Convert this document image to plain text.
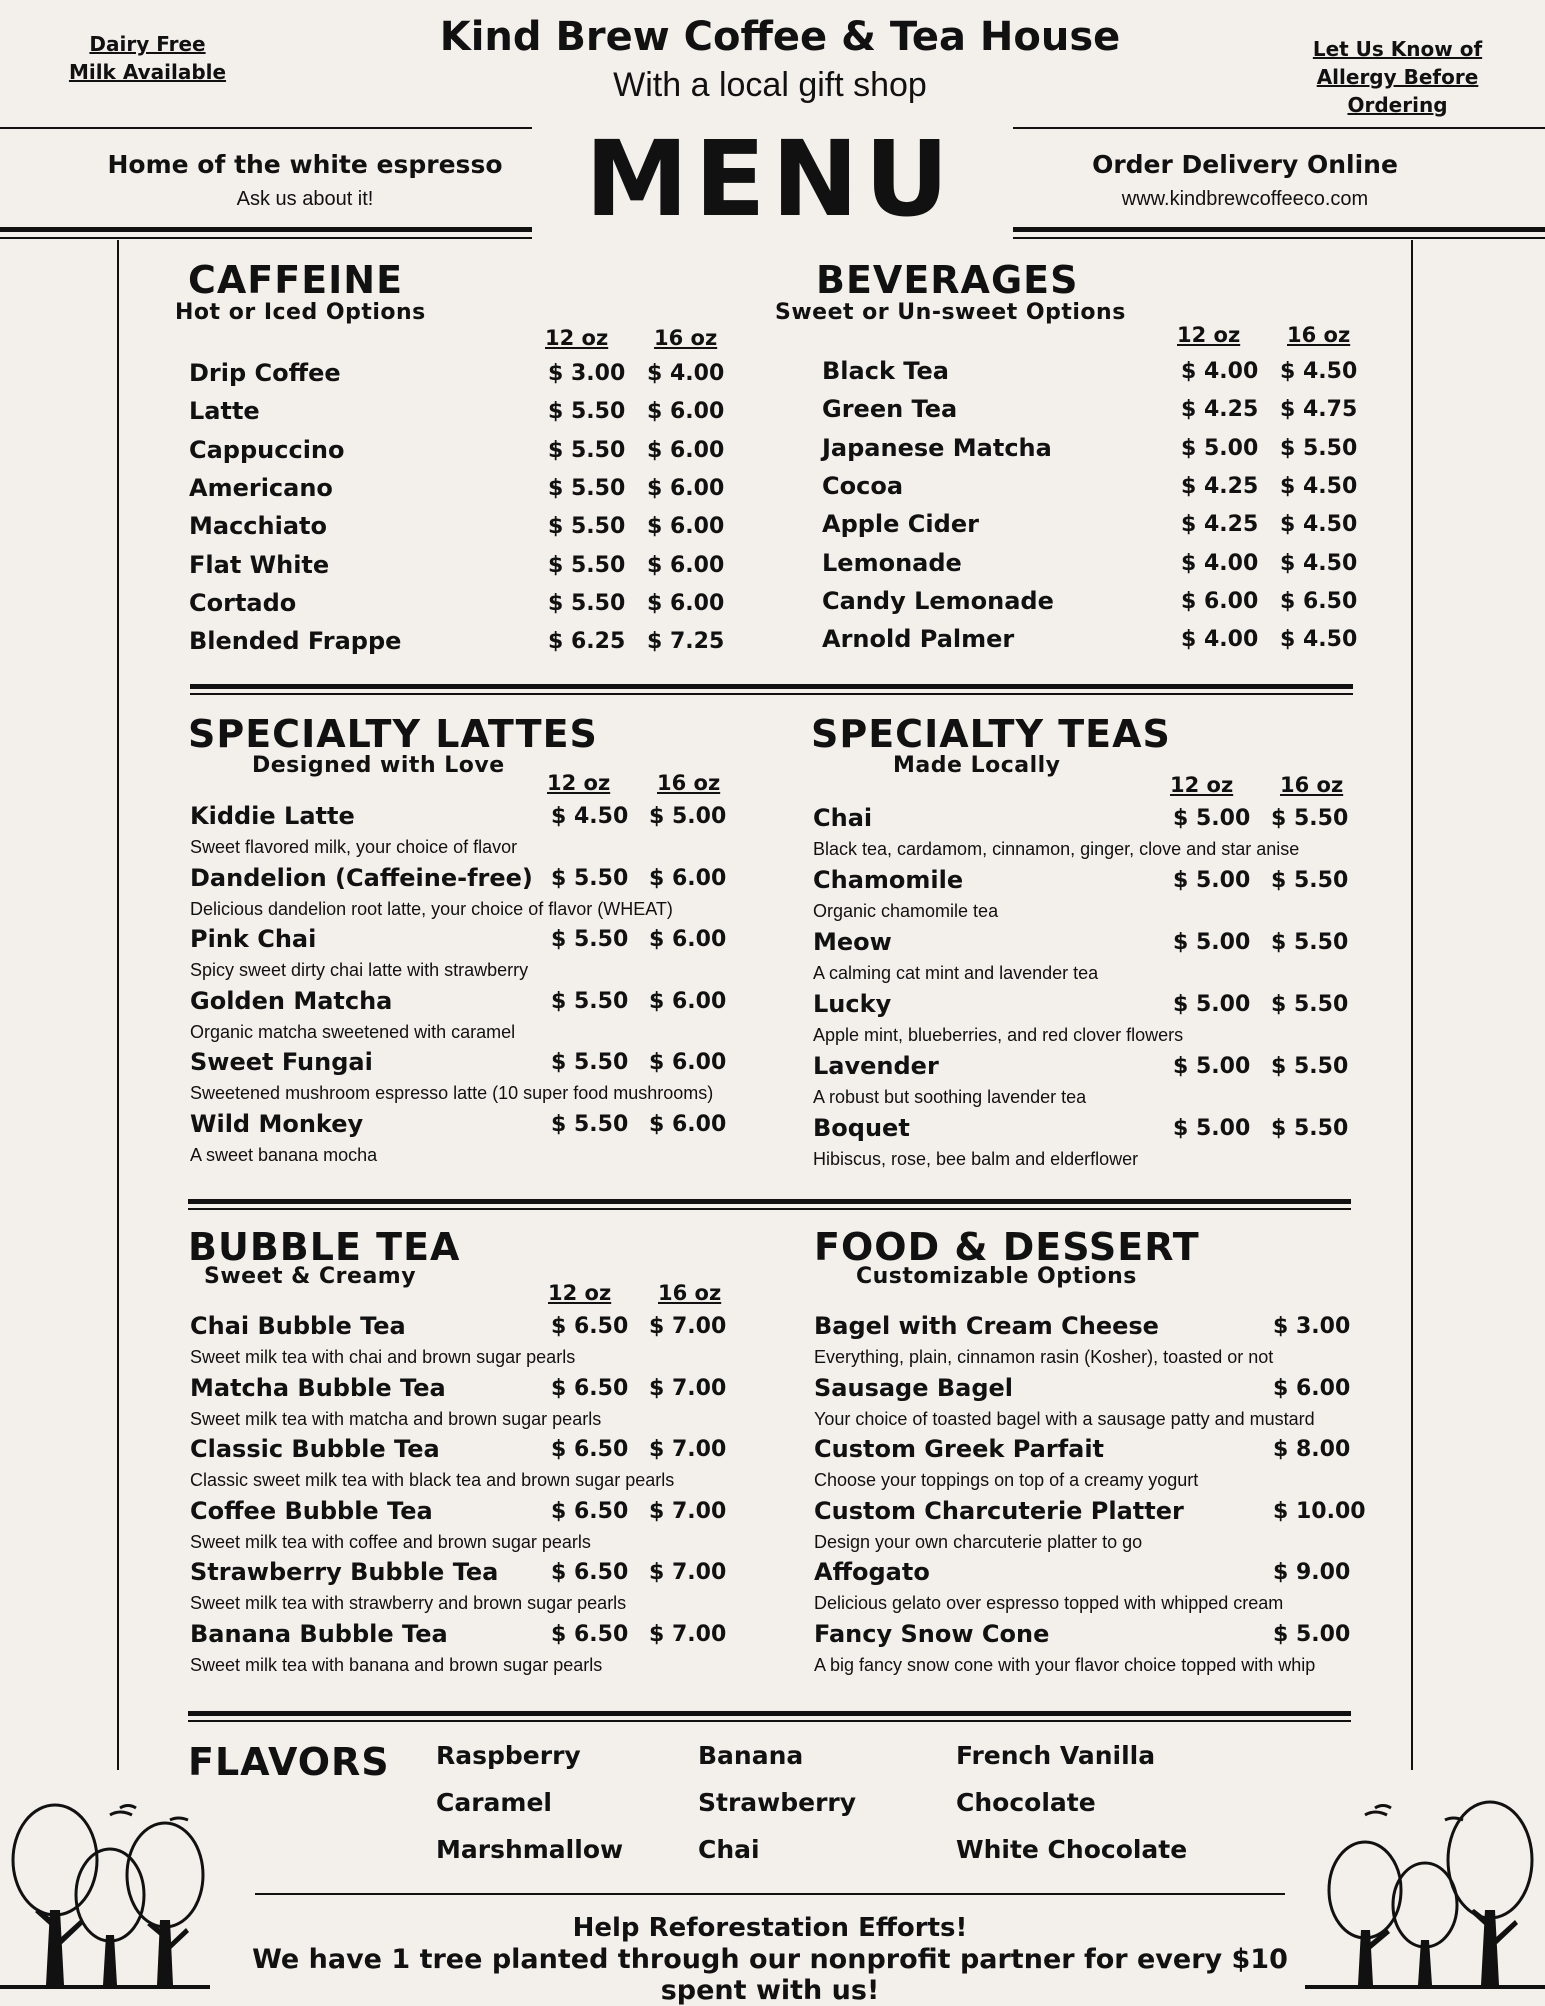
Dairy Free
Milk Available
Let Us Know of
Allergy Before Ordering
Kind Brew Coffee & Tea House
With a local gift shop
MENU
Home of the white espresso
Ask us about it!
Order Delivery Online
www.kindbrewcoffeeco.com
CAFFEINE
Hot or Iced Options
12 oz 16 oz
Drip Coffee	$ 3.00 $ 4.00
Latte	$ 5.50 $ 6.00
Cappuccino	$ 5.50 $ 6.00
Americano	$ 5.50 $ 6.00
Macchiato	$ 5.50 $ 6.00
Flat White	$ 5.50 $ 6.00
Cortado	$ 5.50 $ 6.00
Blended Frappe	$ 6.25 $ 7.25
BEVERAGES
Sweet or Un-sweet Options
12 oz 16 oz
Black Tea	$ 4.00 $ 4.50
Green Tea	$ 4.25 $ 4.75
Japanese Matcha	$ 5.00 $ 5.50
Cocoa	$ 4.25 $ 4.50
Apple Cider	$ 4.25 $ 4.50
Lemonade	$ 4.00 $ 4.50
Candy Lemonade	$ 6.00 $ 6.50
Arnold Palmer	$ 4.00 $ 4.50
SPECIALTY LATTES
Designed with Love
12 oz 16 oz
Kiddie Latte	$ 4.50 $ 5.00
Sweet flavored milk, your choice of flavor
Dandelion (Caffeine-free) $ 5.50 $ 6.00
Delicious dandelion root latte, your choice of flavor (WHEAT)
Pink Chai	$ 5.50 $ 6.00
Spicy sweet dirty chai latte with strawberry
Golden Matcha	$ 5.50 $ 6.00
Organic matcha sweetened with caramel
Sweet Fungai	$ 5.50 $ 6.00
Sweetened mushroom espresso latte (10 super food mushrooms)
Wild Monkey	$ 5.50 $ 6.00
A sweet banana mocha
SPECIALTY TEAS
Made Locally
12 oz 16 oz
Chai	$ 5.00 $ 5.50
Black tea, cardamom, cinnamon, ginger, clove and star anise
Chamomile	$ 5.00 $ 5.50
Organic chamomile tea
Meow	$ 5.00 $ 5.50
A calming cat mint and lavender tea
Lucky	$ 5.00 $ 5.50
Apple mint, blueberries, and red clover flowers
Lavender	$ 5.00 $ 5.50
A robust but soothing lavender tea
Boquet	$ 5.00 $ 5.50
Hibiscus, rose, bee balm and elderflower
BUBBLE TEA
Sweet & Creamy
12 oz 16 oz
Chai Bubble Tea	$ 6.50 $ 7.00
Sweet milk tea with chai and brown sugar pearls
Matcha Bubble Tea	$ 6.50 $ 7.00
Sweet milk tea with matcha and brown sugar pearls
Classic Bubble Tea	$ 6.50 $ 7.00
Classic sweet milk tea with black tea and brown sugar pearls
Coffee Bubble Tea	$ 6.50 $ 7.00
Sweet milk tea with coffee and brown sugar pearls
Strawberry Bubble Tea $ 6.50 $ 7.00
Sweet milk tea with strawberry and brown sugar pearls
Banana Bubble Tea	$ 6.50 $ 7.00
Sweet milk tea with banana and brown sugar pearls
FOOD & DESSERT
Customizable Options
Bagel with Cream Cheese	$ 3.00
Everything, plain, cinnamon rasin (Kosher), toasted or not
Sausage Bagel	$ 6.00
Your choice of toasted bagel with a sausage patty and mustard
Custom Greek Parfait	$ 8.00
Choose your toppings on top of a creamy yogurt
Custom Charcuterie Platter	$ 10.00
Design your own charcuterie platter to go
Affogato	$ 9.00
Delicious gelato over espresso topped with whipped cream
Fancy Snow Cone	$ 5.00
A big fancy snow cone with your flavor choice topped with whip
FLAVORS Raspberry
Caramel
Marshmallow
Banana
Strawberry
Chai
French Vanilla
Chocolate
White Chocolate
Help Reforestation Efforts!
We have 1 tree planted through our nonprofit partner for every $10 spent with us!
